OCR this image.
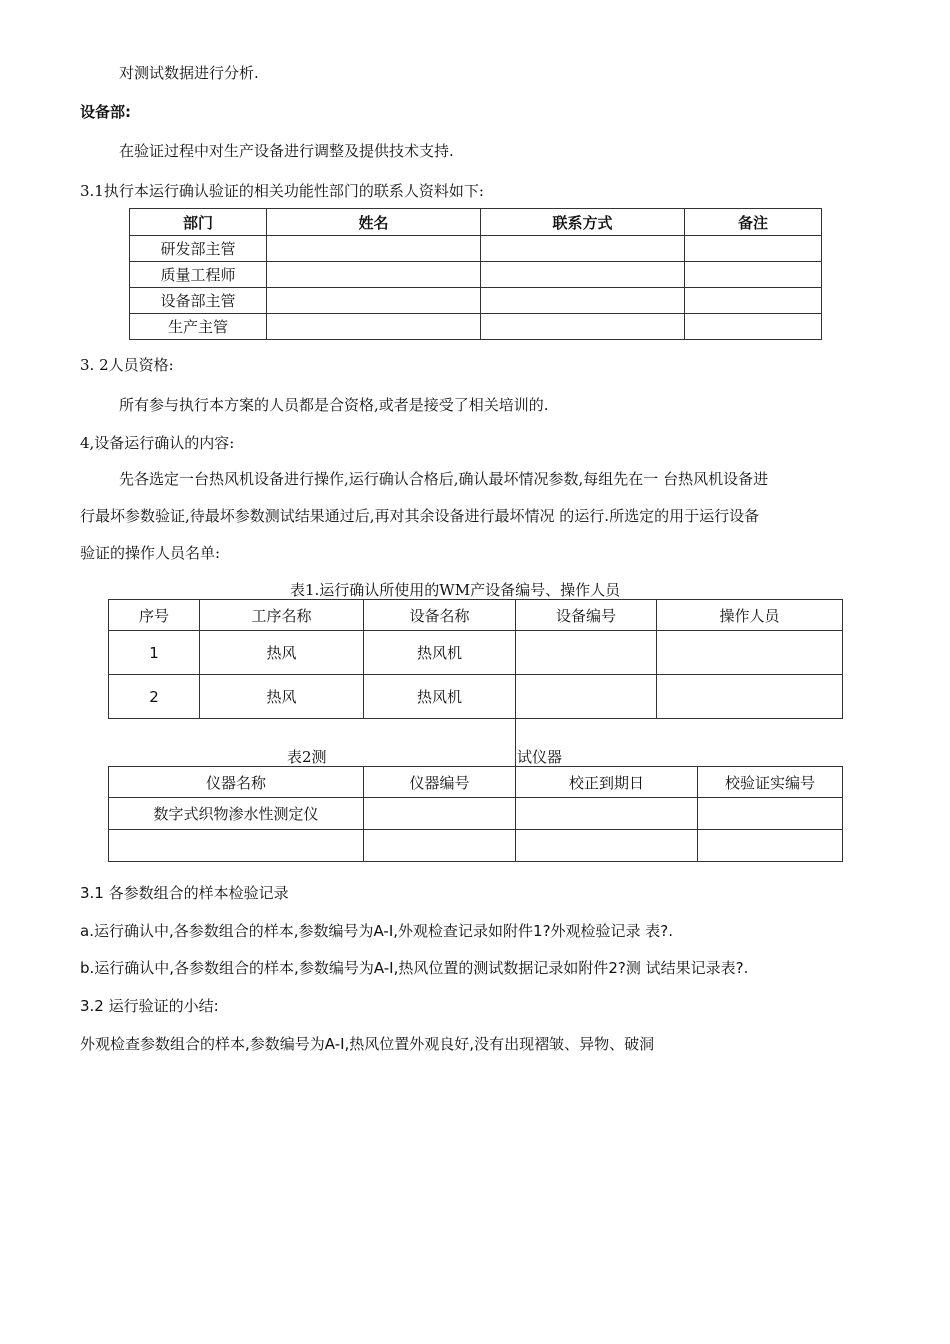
对测试数据进行分析.
设备部:
在验证过程中对生产设备进行调整及提供技术支持.
3.1执行本运行确认验证的相关功能性部门的联系人资料如下:
部门	姓名	联系方式	备注
研发部主管			
质量工程师			
设备部主管			
生产主管			
3. 2人员资格:
所有参与执行本方案的人员都是合资格,或者是接受了相关培训的.
4,设备运行确认的内容:
先各选定一台热风机设备进行操作,运行确认合格后,确认最坏情况参数,每组先在一 台热风机设备进
行最坏参数验证,待最坏参数测试结果通过后,再对其余设备进行最坏情况 的运行.所选定的用于运行设备
验证的操作人员名单:
表1.运行确认所使用的WM产设备编号、操作人员
序号	工序名称	设备名称	设备编号	操作人员
1	热风	热风机		
2	热风	热风机		
表2测	试仪器
仪器名称	仪器编号	校正到期日	校验证实编号
数字式织物渗水性测定仪			

3.1 各参数组合的样本检验记录
a.运行确认中,各参数组合的样本,参数编号为A-I,外观检查记录如附件1?外观检验记录 表?.
b.运行确认中,各参数组合的样本,参数编号为A-I,热风位置的测试数据记录如附件2?测 试结果记录表?.
3.2 运行验证的小结:
外观检查参数组合的样本,参数编号为A-I,热风位置外观良好,没有出现褶皱、异物、破洞
